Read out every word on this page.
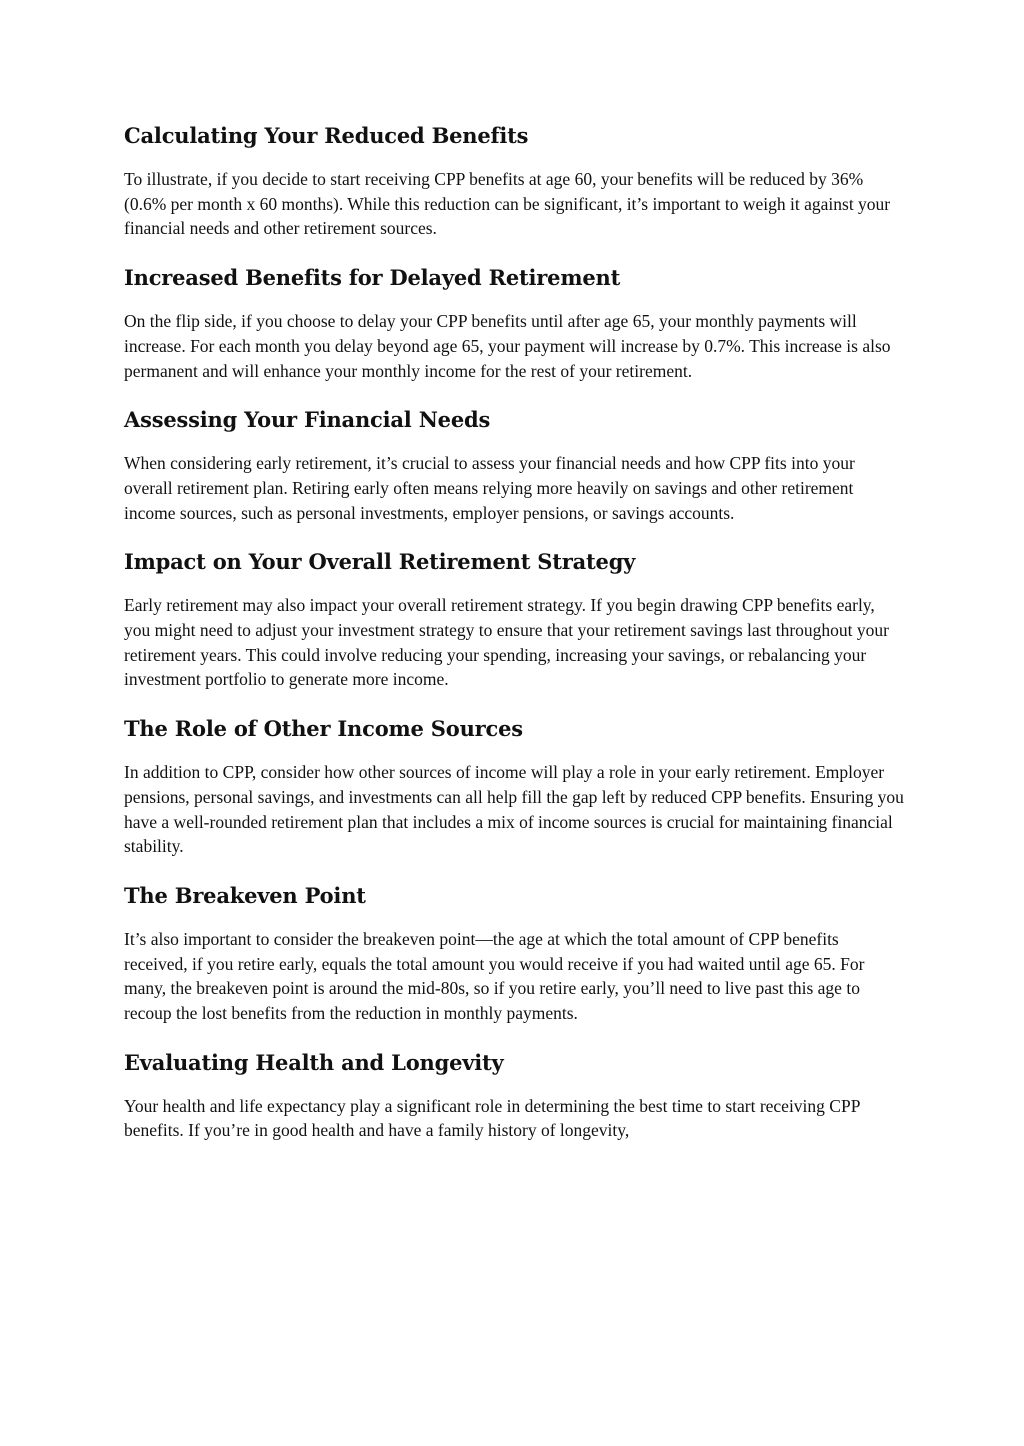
Calculating Your Reduced Benefits

To illustrate, if you decide to start receiving CPP benefits at age 60, your benefits will be reduced by 36% (0.6% per month x 60 months). While this reduction can be significant, it’s important to weigh it against your financial needs and other retirement sources.

Increased Benefits for Delayed Retirement

On the flip side, if you choose to delay your CPP benefits until after age 65, your monthly payments will increase. For each month you delay beyond age 65, your payment will increase by 0.7%. This increase is also permanent and will enhance your monthly income for the rest of your retirement.

Assessing Your Financial Needs

When considering early retirement, it’s crucial to assess your financial needs and how CPP fits into your overall retirement plan. Retiring early often means relying more heavily on savings and other retirement income sources, such as personal investments, employer pensions, or savings accounts.

Impact on Your Overall Retirement Strategy

Early retirement may also impact your overall retirement strategy. If you begin drawing CPP benefits early, you might need to adjust your investment strategy to ensure that your retirement savings last throughout your retirement years. This could involve reducing your spending, increasing your savings, or rebalancing your investment portfolio to generate more income.

The Role of Other Income Sources

In addition to CPP, consider how other sources of income will play a role in your early retirement. Employer pensions, personal savings, and investments can all help fill the gap left by reduced CPP benefits. Ensuring you have a well-rounded retirement plan that includes a mix of income sources is crucial for maintaining financial stability.

The Breakeven Point

It’s also important to consider the breakeven point—the age at which the total amount of CPP benefits received, if you retire early, equals the total amount you would receive if you had waited until age 65. For many, the breakeven point is around the mid-80s, so if you retire early, you’ll need to live past this age to recoup the lost benefits from the reduction in monthly payments.

Evaluating Health and Longevity

Your health and life expectancy play a significant role in determining the best time to start receiving CPP benefits. If you’re in good health and have a family history of longevity,
